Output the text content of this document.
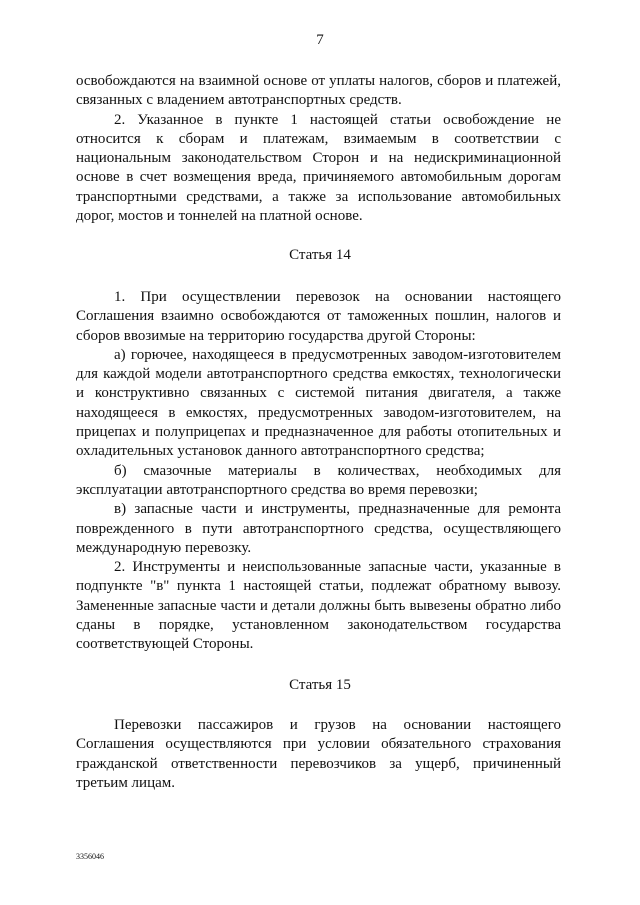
7

освобождаются на взаимной основе от уплаты налогов, сборов и платежей, связанных с владением автотранспортных средств.

2. Указанное в пункте 1 настоящей статьи освобождение не относится к сборам и платежам, взимаемым в соответствии с национальным законодательством Сторон и на недискриминационной основе в счет возмещения вреда, причиняемого автомобильным дорогам транспортными средствами, а также за использование автомобильных дорог, мостов и тоннелей на платной основе.

Статья 14

1. При осуществлении перевозок на основании настоящего Соглашения взаимно освобождаются от таможенных пошлин, налогов и сборов ввозимые на территорию государства другой Стороны:

а) горючее, находящееся в предусмотренных заводом-изготовителем для каждой модели автотранспортного средства емкостях, технологически и конструктивно связанных с системой питания двигателя, а также находящееся в емкостях, предусмотренных заводом-изготовителем, на прицепах и полуприцепах и предназначенное для работы отопительных и охладительных установок данного автотранспортного средства;

б) смазочные материалы в количествах, необходимых для эксплуатации автотранспортного средства во время перевозки;

в) запасные части и инструменты, предназначенные для ремонта поврежденного в пути автотранспортного средства, осуществляющего международную перевозку.

2. Инструменты и неиспользованные запасные части, указанные в подпункте "в" пункта 1 настоящей статьи, подлежат обратному вывозу. Замененные запасные части и детали должны быть вывезены обратно либо сданы в порядке, установленном законодательством государства соответствующей Стороны.

Статья 15

Перевозки пассажиров и грузов на основании настоящего Соглашения осуществляются при условии обязательного страхования гражданской ответственности перевозчиков за ущерб, причиненный третьим лицам.

3356046
